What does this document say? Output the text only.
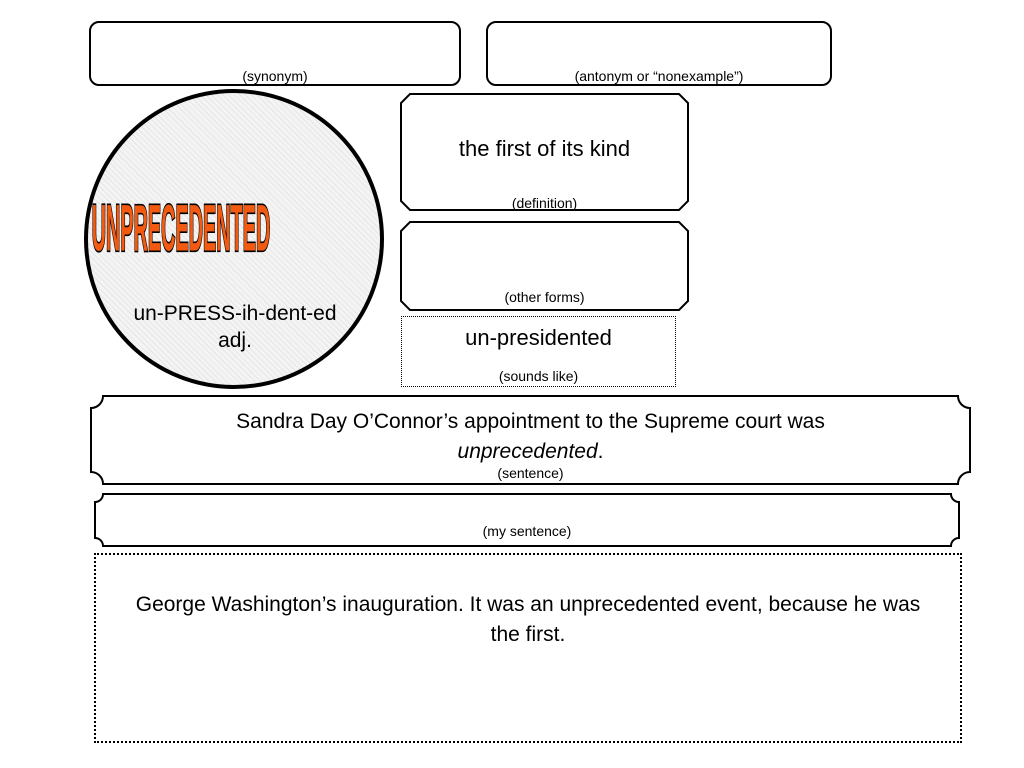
(synonym)	(antonym or “nonexample”)
UNPRECEDENTED
un-PRESS-ih-dent-ed
adj.
the first of its kind
(definition)
(other forms)
un-presidented
(sounds like)
Sandra Day O’Connor’s appointment to the Supreme court was
unprecedented.
(sentence)
(my sentence)
George Washington’s inauguration. It was an unprecedented event, because he was the first.
